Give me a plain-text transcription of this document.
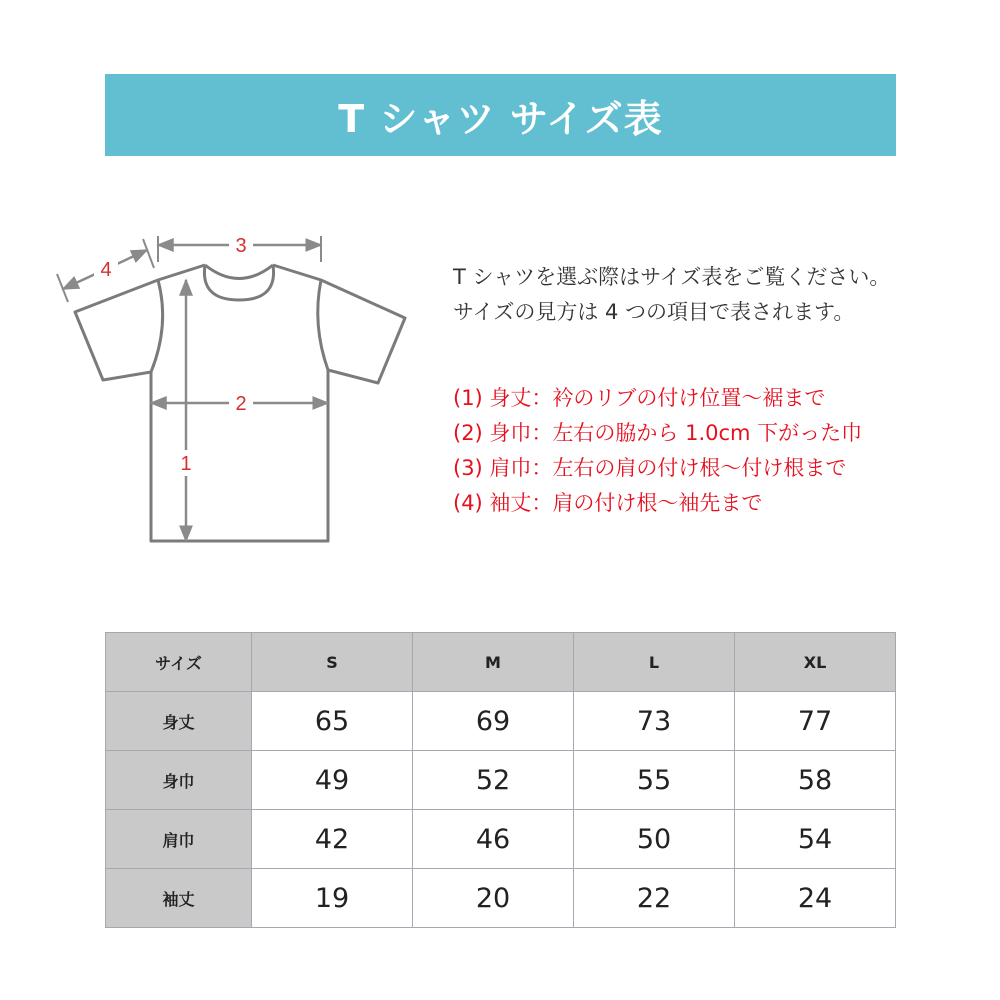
T シャツ サイズ表
1
2
3
4	T シャツを選ぶ際はサイズ表をご覧ください。
サイズの見方は 4 つの項目で表されます。
(1) 身丈：衿のリブの付け位置〜裾まで
(2) 身巾：左右の脇から 1.0cm 下がった巾
(3) 肩巾：左右の肩の付け根〜付け根まで
(4) 袖丈：肩の付け根〜袖先まで
サイズ	S	M	L	XL
身丈	65	69	73	77
身巾	49	52	55	58
肩巾	42	46	50	54
袖丈	19	20	22	24
